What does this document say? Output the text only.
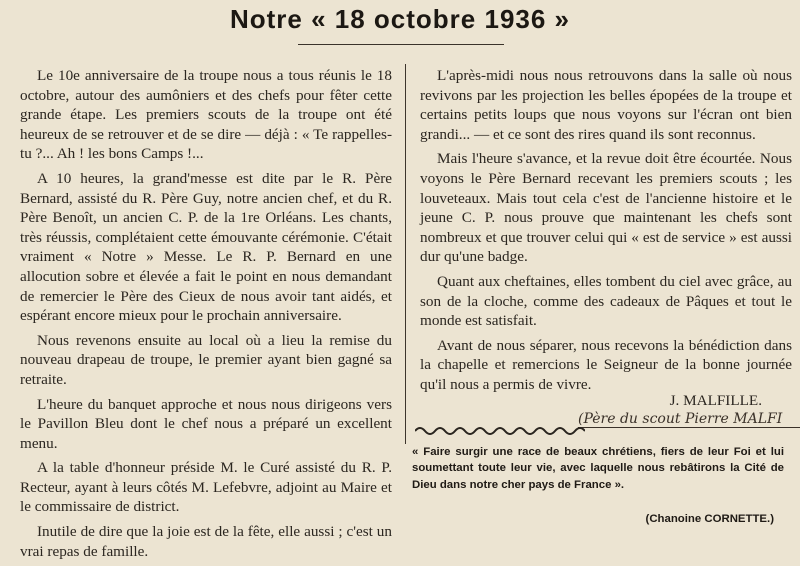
Notre « 18 octobre 1936 »

Le 10e anniversaire de la troupe nous a tous réunis le 18 octobre, autour des aumôniers et des chefs pour fêter cette grande étape. Les premiers scouts de la troupe ont été heureux de se retrouver et de se dire — déjà : « Te rappelles-tu ?... Ah ! les bons Camps !...

A 10 heures, la grand'messe est dite par le R. Père Bernard, assisté du R. Père Guy, notre ancien chef, et du R. Père Benoît, un ancien C. P. de la 1re Orléans. Les chants, très réussis, complétaient cette émouvante cérémonie. C'était vraiment « Notre » Messe. Le R. P. Bernard en une allocution sobre et élevée a fait le point en nous demandant de remercier le Père des Cieux de nous avoir tant aidés, et espérant encore mieux pour le prochain anniversaire.

Nous revenons ensuite au local où a lieu la remise du nouveau drapeau de troupe, le premier ayant bien gagné sa retraite.

L'heure du banquet approche et nous nous dirigeons vers le Pavillon Bleu dont le chef nous a préparé un excellent menu.

A la table d'honneur préside M. le Curé assisté du R. P. Recteur, ayant à leurs côtés M. Lefebvre, adjoint au Maire et le commissaire de district.

Inutile de dire que la joie est de la fête, elle aussi ; c'est un vrai repas de famille.

L'après-midi nous nous retrouvons dans la salle où nous revivons par les projection les belles épopées de la troupe et certains petits loups que nous voyons sur l'écran ont bien grandi... — et ce sont des rires quand ils sont reconnus.

Mais l'heure s'avance, et la revue doit être écourtée. Nous voyons le Père Bernard recevant les premiers scouts ; les louveteaux. Mais tout cela c'est de l'ancienne histoire et le jeune C. P. nous prouve que maintenant les chefs sont nombreux et que trouver celui qui « est de service » est aussi dur qu'une badge.

Quant aux cheftaines, elles tombent du ciel avec grâce, au son de la cloche, comme des cadeaux de Pâques et tout le monde est satisfait.

Avant de nous séparer, nous recevons la bénédiction dans la chapelle et remercions le Seigneur de la bonne journée qu'il nous a permis de vivre.

J. MALFILLE.
(Père du scout Pierre MALFI
« Faire surgir une race de beaux chrétiens, fiers de leur Foi et lui soumettant toute leur vie, avec laquelle nous rebâtirons la Cité de Dieu dans notre cher pays de France ».
(Chanoine CORNETTE.)
